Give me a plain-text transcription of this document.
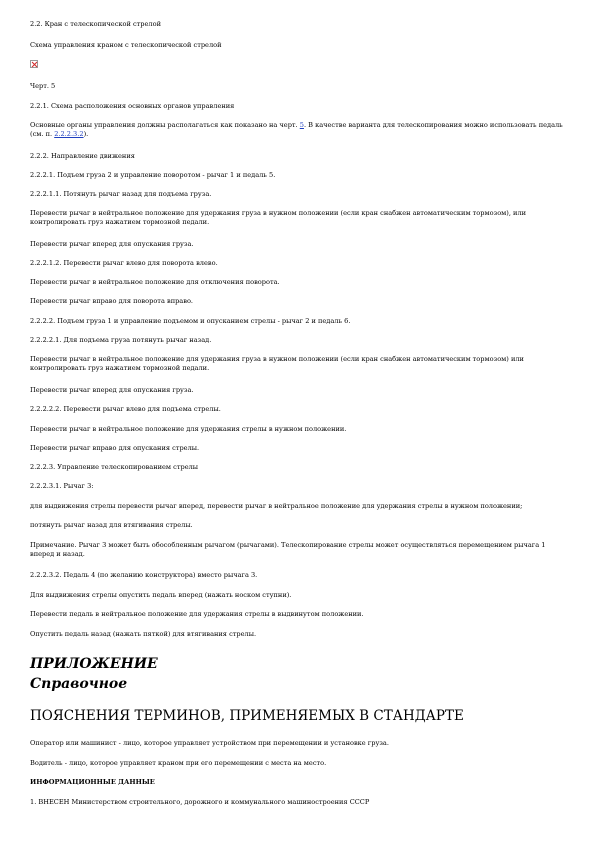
2.2. Кран с телескопической стрелой

Схема управления краном с телескопической стрелой

Черт. 5

2.2.1. Схема расположения основных органов управления

Основные органы управления должны располагаться как показано на черт. 5. В качестве варианта для телескопирования можно использовать педаль (см. п. 2.2.2.3.2).

2.2.2. Направление движения

2.2.2.1. Подъем груза 2 и управление поворотом - рычаг 1 и педаль 5.

2.2.2.1.1. Потянуть рычаг назад для подъема груза.

Перевести рычаг в нейтральное положение для удержания груза в нужном положении (если кран снабжен автоматическим тормозом), или контролировать груз нажатием тормозной педали.

Перевести рычаг вперед для опускания груза.

2.2.2.1.2. Перевести рычаг влево для поворота влево.

Перевести рычаг в нейтральное положение для отключения поворота.

Перевести рычаг вправо для поворота вправо.

2.2.2.2. Подъем груза 1 и управление подъемом и опусканием стрелы - рычаг 2 и педаль 6.

2.2.2.2.1. Для подъема груза потянуть рычаг назад.

Перевести рычаг в нейтральное положение для удержания груза в нужном положении (если кран снабжен автоматическим тормозом) или контролировать груз нажатием тормозной педали.

Перевести рычаг вперед для опускания груза.

2.2.2.2.2. Перевести рычаг влево для подъема стрелы.

Перевести рычаг в нейтральное положение для удержания стрелы в нужном положении.

Перевести рычаг вправо для опускания стрелы.

2.2.2.3. Управление телескопированием стрелы

2.2.2.3.1. Рычаг 3:

для выдвижения стрелы перевести рычаг вперед, перевести рычаг в нейтральное положение для удержания стрелы в нужном положении;

потянуть рычаг назад для втягивания стрелы.

Примечание. Рычаг 3 может быть обособленным рычагом (рычагами). Телескопирование стрелы может осуществляться перемещением рычага 1 вперед и назад.

2.2.2.3.2. Педаль 4 (по желанию конструктора) вместо рычага 3.

Для выдвижения стрелы опустить педаль вперед (нажать носком ступни).

Перевести педаль в нейтральное положение для удержания стрелы в выдвинутом положении.

Опустить педаль назад (нажать пяткой) для втягивания стрелы.

ПРИЛОЖЕНИЕ
Справочное
ПОЯСНЕНИЯ ТЕРМИНОВ, ПРИМЕНЯЕМЫХ В СТАНДАРТЕ

Оператор или машинист - лицо, которое управляет устройством при перемещении и установке груза.

Водитель - лицо, которое управляет краном при его перемещении с места на место.

ИНФОРМАЦИОННЫЕ ДАННЫЕ

1. ВНЕСЕН Министерством строительного, дорожного и коммунального машиностроения СССР
